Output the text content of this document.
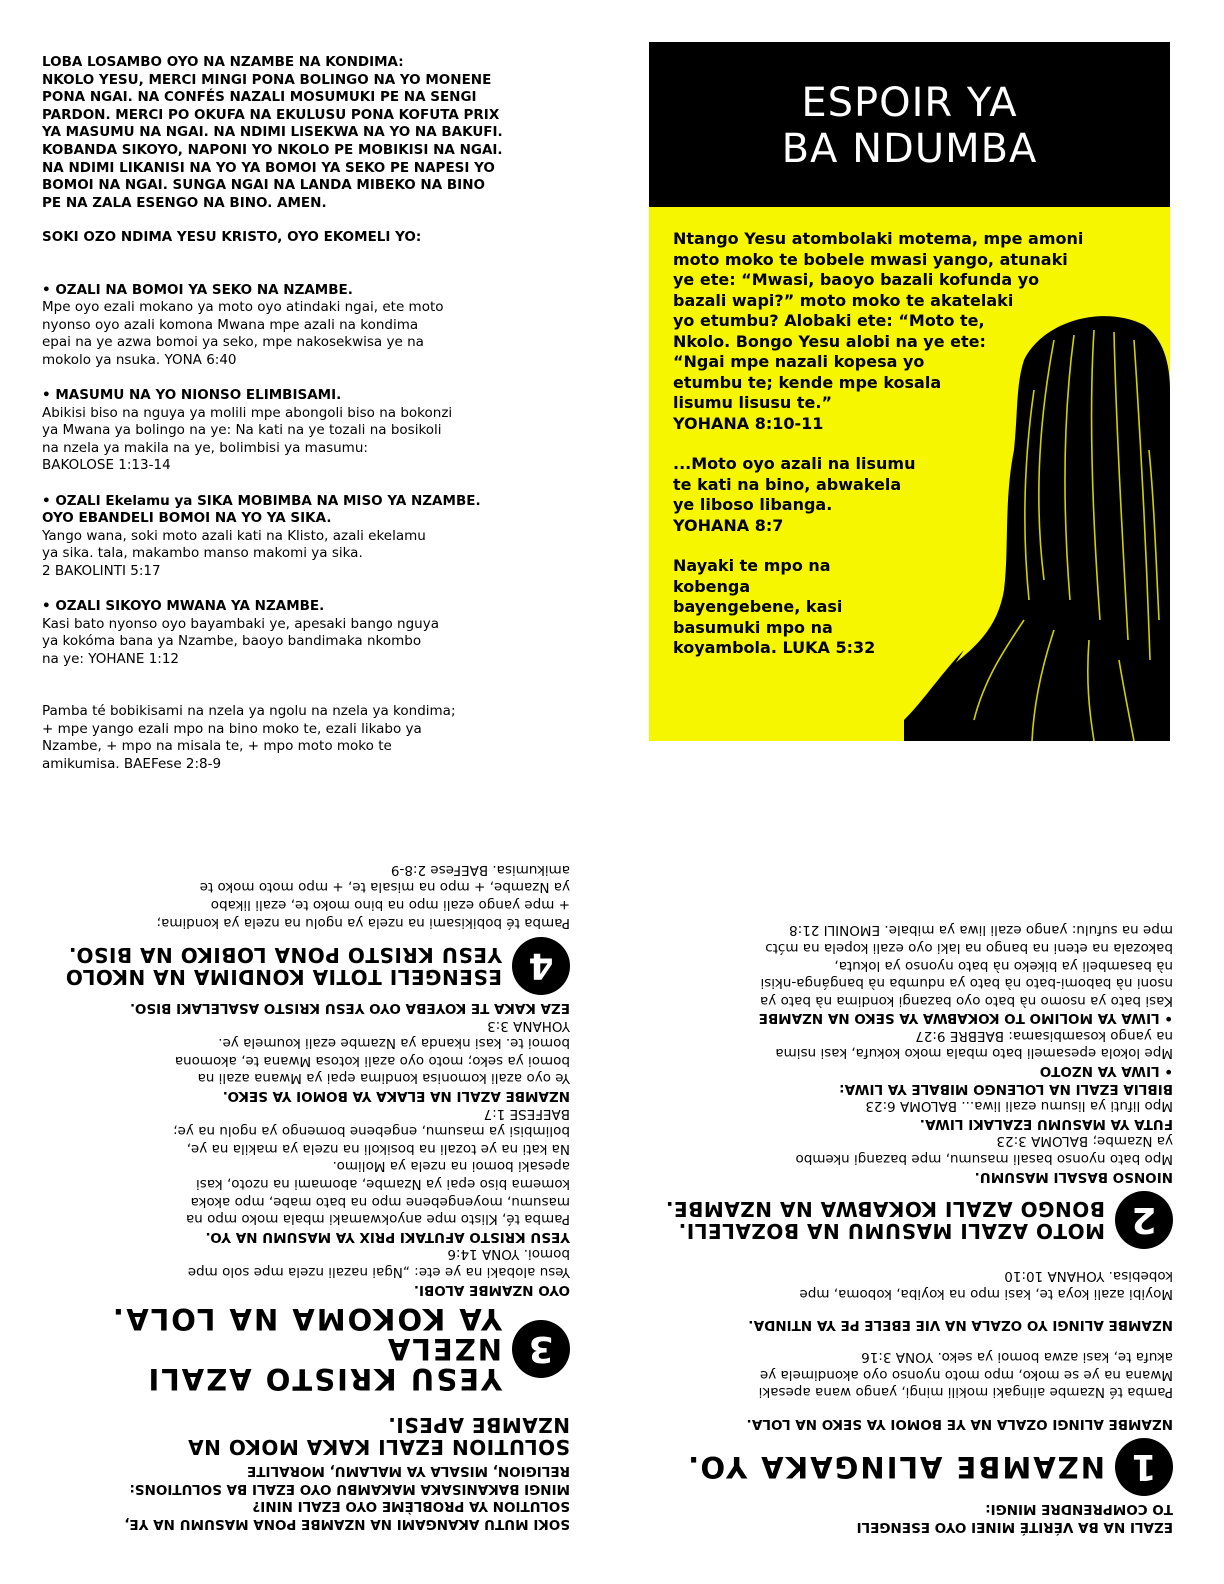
LOBA LOSAMBO OYO NA NZAMBE NA KONDIMA:
NKOLO YESU, MERCI MINGI PONA BOLINGO NA YO MONENE
PONA NGAI. NA CONFÉS NAZALI MOSUMUKI PE NA SENGI
PARDON. MERCI PO OKUFA NA EKULUSU PONA KOFUTA PRIX
YA MASUMU NA NGAI. NA NDIMI LISEKWA NA YO NA BAKUFI.
KOBANDA SIKOYO, NAPONI YO NKOLO PE MOBIKISI NA NGAI.
NA NDIMI LIKANISI NA YO YA BOMOI YA SEKO PE NAPESI YO
BOMOI NA NGAI. SUNGA NGAI NA LANDA MIBEKO NA BINO
PE NA ZALA ESENGO NA BINO. AMEN.

SOKI OZO NDIMA YESU KRISTO, OYO EKOMELI YO:

• OZALI NA BOMOI YA SEKO NA NZAMBE.
Mpe oyo ezali mokano ya moto oyo atindaki ngai, ete moto
nyonso oyo azali komona Mwana mpe azali na kondima
epai na ye azwa bomoi ya seko, mpe nakosekwisa ye na
mokolo ya nsuka. YONA 6:40

• MASUMU NA YO NIONSO ELIMBISAMI.
Abikisi biso na nguya ya molili mpe abongoli biso na bokonzi
ya Mwana ya bolingo na ye: Na kati na ye tozali na bosikoli
na nzela ya makila na ye, bolimbisi ya masumu:
BAKOLOSE 1:13-14

• OZALI Ekelamu ya SIKA MOBIMBA NA MISO YA NZAMBE.
OYO EBANDELI BOMOI NA YO YA SIKA.
Yango wana, soki moto azali kati na Klisto, azali ekelamu
ya sika. tala, makambo manso makomi ya sika.
2 BAKOLINTI 5:17

• OZALI SIKOYO MWANA YA NZAMBE.
Kasi bato nyonso oyo bayambaki ye, apesaki bango nguya
ya kokóma bana ya Nzambe, baoyo bandimaka nkombo
na ye: YOHANE 1:12

Pamba té bobikisami na nzela ya ngolu na nzela ya kondima;
+ mpe yango ezali mpo na bino moko te, ezali likabo ya
Nzambe, + mpo na misala te, + mpo moto moko te
amikumisa. BAEFese 2:8-9

ESPOIR YA
BA NDUMBA

Ntango Yesu atombolaki motema, mpe amoni
moto moko te bobele mwasi yango, atunaki
ye ete: “Mwasi, baoyo bazali kofunda yo
bazali wapi?” moto moko te akatelaki
yo etumbu? Alobaki ete: “Moto te,
Nkolo. Bongo Yesu alobi na ye ete:
“Ngai mpe nazali kopesa yo
etumbu te; kende mpe kosala
lisumu lisusu te.”
YOHANA 8:10-11

...Moto oyo azali na lisumu
te kati na bino, abwakela
ye liboso libanga.
YOHANA 8:7

Nayaki te mpo na
kobenga
bayengebene, kasi
basumuki mpo na
koyambola. LUKA 5:32

SOKI MUTU AKANGAMI NA NZAMBE PONA MASUMU NA YE,
SOLUTION YA PROBLÈME OYO EZALI NINI?
MINGI BAKANISAKA MAKAMBU OYO EZALI BA SOLUTIONS:
RELIGION, MISALA YA MALAMU, MORALITE

SOLUTION EZALI KAKA MOKO NA
NZAMBE APESI.

3
YESU KRISTO AZALI NZELA
YA KOKOMA NA LOLA.

OYO NZAMBE ALOBI.

Yesu alobaki na ye ete: „Ngai nazali nzela mpe solo mpe
bomoi. YONA 14:6

YESU KRISTO AFUTAKI PRIX YA MASUMU NA YO.

Pamba té, Klisto mpe anyokwamaki mbala moko mpo na
masumu, moyengebene mpo na bato mabe, mpo akoka
komema biso epai ya Nzambe, abomami na nzoto, kasi
apesaki bomoi na nzela ya Molimo.
Na kati na ye tozali na bosikoli na nzela ya makila na ye,
bolimbisi ya masumu, engebene bomengo ya ngolu na ye;
BAEFESE 1:7

NZAMBE AZALI NA ELAKA YA BOMOI YA SEKO.

Ye oyo azali komonisa kondima epai ya Mwana azali na
bomoi ya seko; moto oyo azali kotosa Mwana te, akomona
bomoi te. kasi nkanda ya Nzambe ezali koumela ye.
YOHANA 3:3

EZA KAKA TE KOYEBA OYO YESU KRISTO ASALELAKI BISO.

4
ESENGELI TOTIA KONDIMA NA NKOLO
YESU KRISTO PONA LOBIKO NA BISO.

Pamba té bobikisami na nzela ya ngolu na nzela ya kondima;
+ mpe yango ezali mpo na bino moko te, ezali likabo
ya Nzambe, + mpo na misala te, + mpo moto moko te
amikumisa. BAEFese 2:8-9

EZALI NA BA VÉRITÉ MINEI OYO ESENGELI
TO COMPRENDRE MINGI:

1
NZAMBE ALINGAKA YO.

NZAMBE ALINGI OZALA NA YE BOMOI YA SEKO NA LOLA.

Pamba té Nzambe alingaki mokili mingi, yango wana apesaki
Mwana na ye se moko, mpo moto nyonso oyo akondimela ye
akufa te, kasi azwa bomoi ya seko. YONA 3:16

NZAMBE ALINGI YO OZALA NA VIE EBELE PE YA NTINDA.

Moyibi azali koya te, kasi mpo na koyiba, koboma, mpe
kobebisa. YOHANA 10:10

2
MOTO AZALI MASUMU NA BOZALELI.
BONGO AZALI KOKABWA NA NZAMBE.

NIONSO BASALI MASUMU.

Mpo bato nyonso basali masumu, mpe bazangi nkembo
ya Nzambe; BALOMA 3:23

FUTA YA MASUMU EZALAKI LIWA.

Mpo lifuti ya lisumu ezali liwa... BALOMA 6:23

BIBLIA EZALI NA LOLENGO MIBALE YA LIWA:
• LIWA YA NZOTO

Mpe lokola epesameli bato mbala moko kokufa, kasi nsima
na yango kosambisama: BAEBRE 9:27

• LIWA YA MOLIMO TO KOKABWA YA SEKO NA NZAMBE

Kasi bato ya nsomo nà bato oyo bazangi kondima nà bato ya
nsoni nà babomi-bato nà bato ya ndumba nà bangánga-nkisi
nà basambeli ya bikeko nà bato nyonso ya lokuta,
bakozala na eteni na bango na laki oyo ezali kopela na mɔ́tɔ
mpe na sufulu: yango ezali liwa ya mibale. EMONILI 21:8
